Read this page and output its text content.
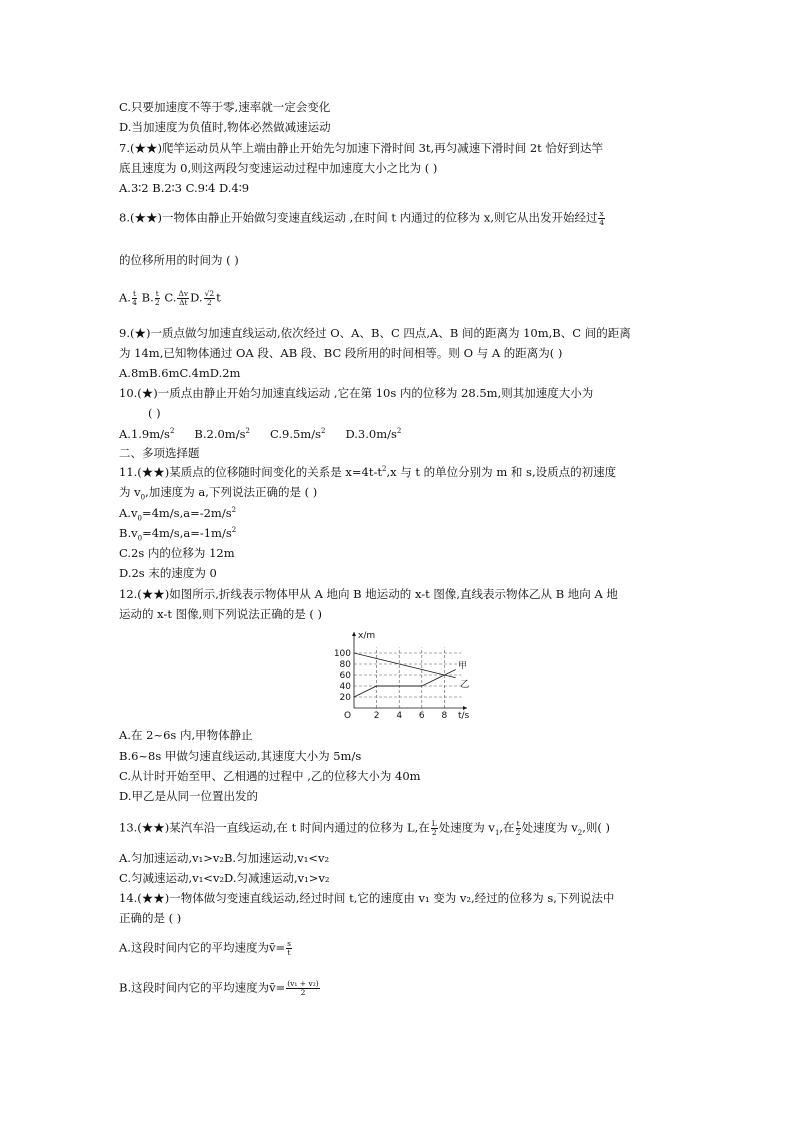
C.只要加速度不等于零,速率就一定会变化
D.当加速度为负值时,物体必然做减速运动
7.(★★)爬竿运动员从竿上端由静止开始先匀加速下滑时间 3t,再匀减速下滑时间 2t 恰好到达竿
底且速度为 0,则这两段匀变速运动过程中加速度大小之比为 ( )
A.3∶2 B.2∶3 C.9∶4 D.4∶9
8.(★★)一物体由静止开始做匀变速直线运动 ,在时间 t 内通过的位移为 x,则它从出发开始经过 $\frac{x}{4}$
的位移所用的时间为 ( )
A. $\frac{t}{4} B$. $\frac{t}{2} C$. $\frac{\Delta v}{\Delta t} D$. $\frac{√2}{2}$ t
9.(★)一质点做匀加速直线运动,依次经过 O、A、B、C 四点,A、B 间的距离为 10m,B、C 间的距离
为 14m,已知物体通过 OA 段、AB 段、BC 段所用的时间相等。则 O 与 A 的距离为( )
A.8mB.6mC.4mD.2m
10.(★)一质点由静止开始匀加速直线运动 ,它在第 10s 内的位移为 28.5m,则其加速度大小为
( )
$A.1.9m/s^2$ $B.2.0m/s^2$ $C.9.5m/s^2$ $D.3.0m/s^2$
二、多项选择题
11.(★★)某质点的位移随时间变化的关系是 $x=4t-t^2,x$ 与 t 的单位分别为 m 和 s,设质点的初速度
为 $v_0$,加速度为 a,下列说法正确的是 ( )
$A.v_0=4m/s,a=-2m/s^2$
$B.v_0=4m/s,a=-1m/s^2$
C.2s 内的位移为 12m
D.2s 末的速度为 0
12.(★★)如图所示,折线表示物体甲从 A 地向 B 地运动的 x-t 图像,直线表示物体乙从 B 地向 A 地
运动的 x-t 图像,则下列说法正确的是 ( )
2 4 6 8
20
40
60
80
100
甲
乙
x/m
t/s
O
A.在 2~6s 内,甲物体静止
B.6~8s 甲做匀速直线运动,其速度大小为 5m/s
C.从计时开始至甲、乙相遇的过程中 ,乙的位移大小为 40m
D.甲乙是从同一位置出发的
13.(★★)某汽车沿一直线运动,在 t 时间内通过的位移为 L,在 $\frac{L}{2}$ 处速度为 $v_1$,在 $\frac{t}{2}$ 处速度为 $v_2$,则( )
A.匀加速运动,v₁>v₂B.匀加速运动,v₁<v₂
C.匀减速运动,v₁<v₂D.匀减速运动,v₁>v₂
14.(★★)一物体做匀变速直线运动,经过时间 t,它的速度由 v₁ 变为 v₂,经过的位移为 s,下列说法中
正确的是 ( )
A.这段时间内它的平均速度为v̄= $\frac{s}{t}$
B.这段时间内它的平均速度为v̄= $\frac{\text{(v₁ + v₂)}}{2}$
